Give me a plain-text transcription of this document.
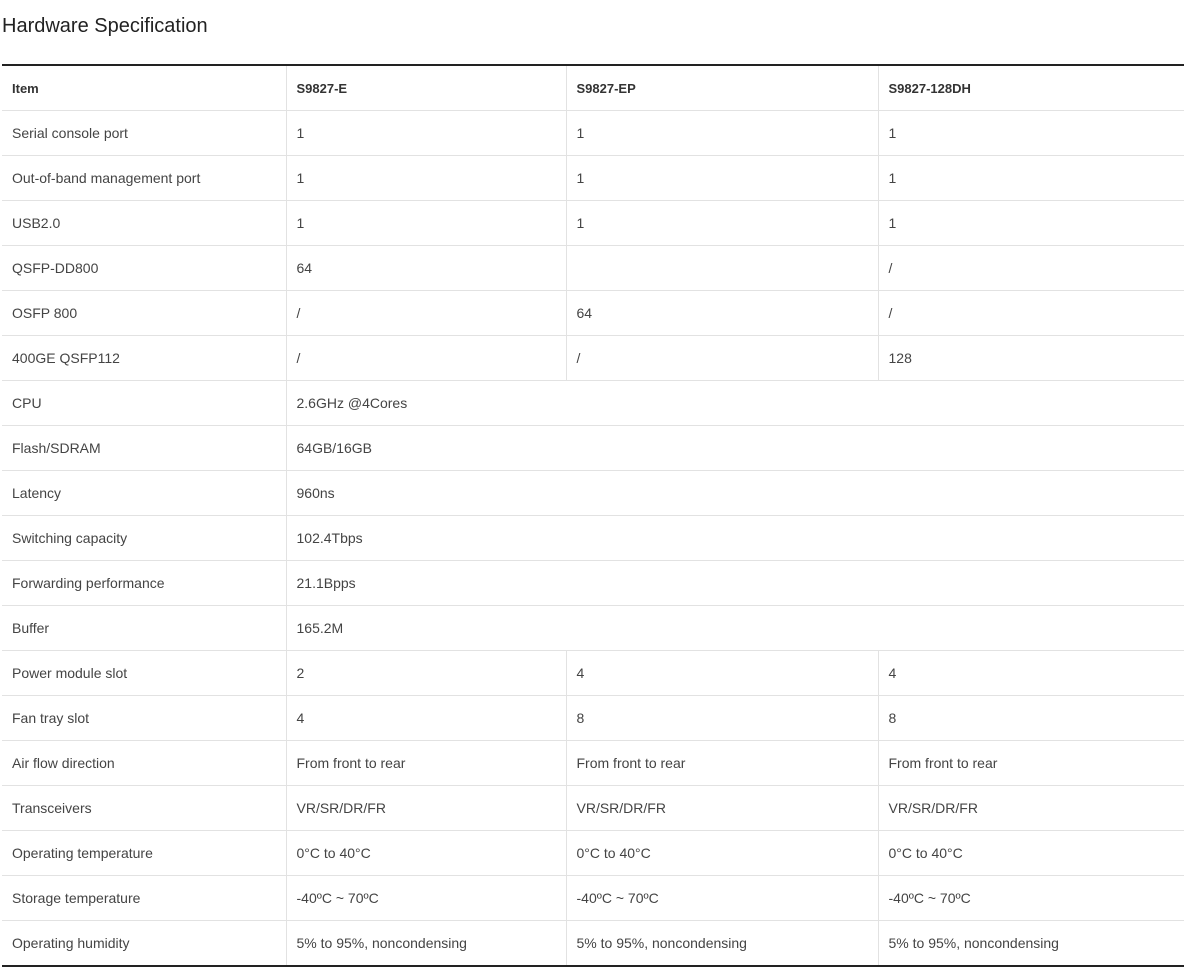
Hardware Specification
Item	S9827-E	S9827-EP	S9827-128DH
Serial console port	1	1	1
Out-of-band management port	1	1	1
USB2.0	1	1	1
QSFP-DD800	64		/
OSFP 800	/	64	/
400GE QSFP112	/	/	128
CPU	2.6GHz @4Cores		
Flash/SDRAM	64GB/16GB		
Latency	960ns		
Switching capacity	102.4Tbps		
Forwarding performance	21.1Bpps		
Buffer	165.2M		
Power module slot	2	4	4
Fan tray slot	4	8	8
Air flow direction	From front to rear	From front to rear	From front to rear
Transceivers	VR/SR/DR/FR	VR/SR/DR/FR	VR/SR/DR/FR
Operating temperature	0°C to 40°C	0°C to 40°C	0°C to 40°C
Storage temperature	-40ºC ~ 70ºC	-40ºC ~ 70ºC	-40ºC ~ 70ºC
Operating humidity	5% to 95%, noncondensing	5% to 95%, noncondensing	5% to 95%, noncondensing
